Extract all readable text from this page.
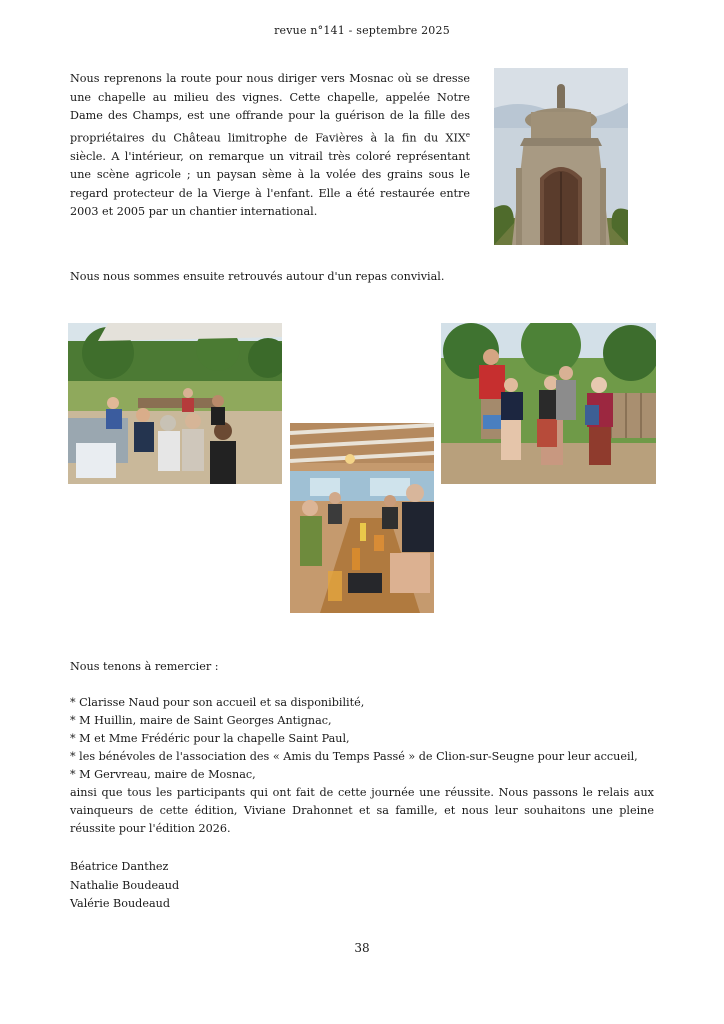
revue n°141 - septembre 2025
Nous reprenons la route pour nous diriger vers Mosnac où se dresse une chapelle au milieu des vignes. Cette chapelle, appelée Notre Dame des Champs, est une offrande pour la guérison de la fille des propriétaires du Château limitrophe de Favières à la fin du XIXe siècle. A l'intérieur, on remarque un vitrail très coloré représentant une scène agricole ; un paysan sème à la volée des grains sous le regard protecteur de la Vierge à l'enfant. Elle a été restaurée entre 2003 et 2005 par un chantier international.
Nous nous sommes ensuite retrouvés autour d'un repas convivial.

Nous tenons à remercier :

* Clarisse Naud pour son accueil et sa disponibilité,

* M Huillin, maire de Saint Georges Antignac,

* M et Mme Frédéric pour la chapelle Saint Paul,

* les bénévoles de l'association des « Amis du Temps Passé » de Clion-sur-Seugne pour leur accueil,

* M Gervreau, maire de Mosnac,

ainsi que tous les participants qui ont fait de cette journée une réussite. Nous passons le relais aux vainqueurs de cette édition, Viviane Drahonnet et sa famille, et nous leur souhaitons une pleine réussite pour l'édition 2026.

Béatrice Danthez
Nathalie Boudeaud
Valérie Boudeaud
38
